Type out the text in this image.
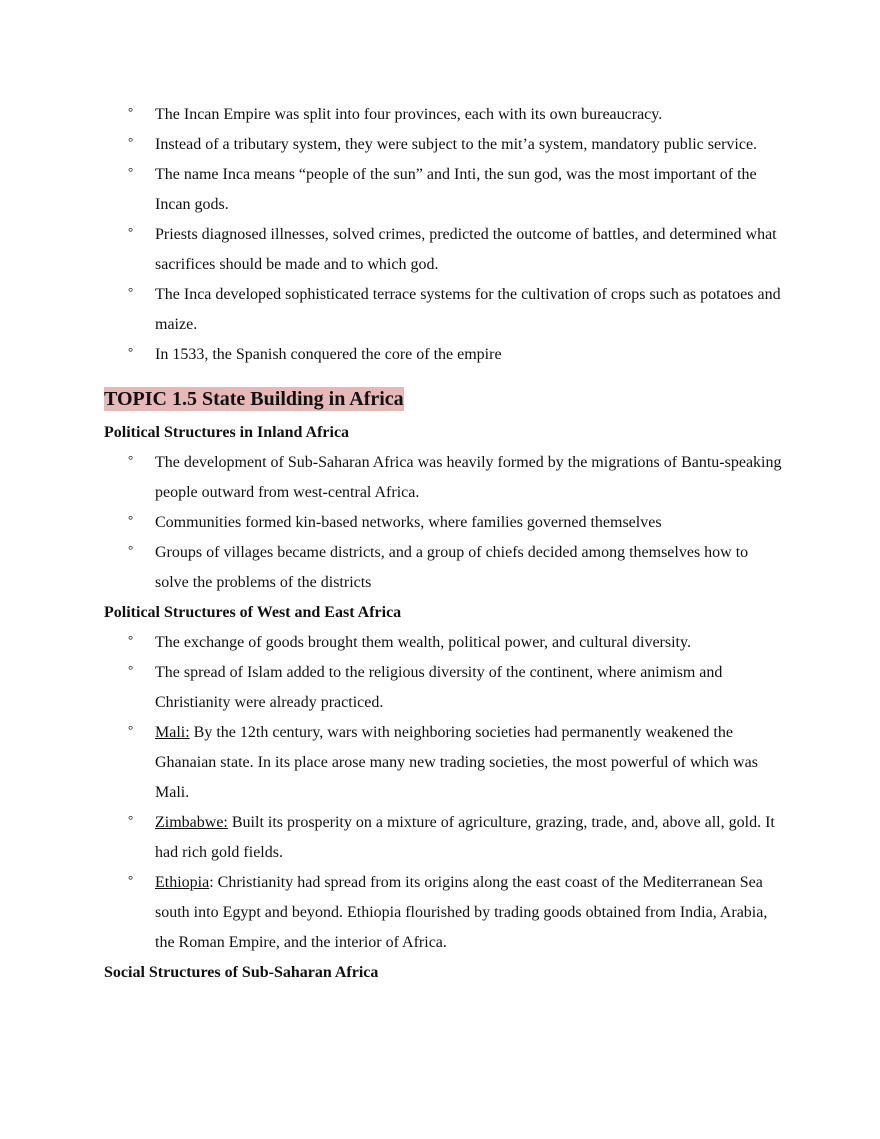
° The Incan Empire was split into four provinces, each with its own bureaucracy.
° Instead of a tributary system, they were subject to the mit’a system, mandatory public service.
° The name Inca means “people of the sun” and Inti, the sun god, was the most important of the Incan gods.
° Priests diagnosed illnesses, solved crimes, predicted the outcome of battles, and determined what sacrifices should be made and to which god.
° The Inca developed sophisticated terrace systems for the cultivation of crops such as potatoes and maize.
° In 1533, the Spanish conquered the core of the empire
TOPIC 1.5 State Building in Africa
Political Structures in Inland Africa
° The development of Sub-Saharan Africa was heavily formed by the migrations of Bantu-speaking people outward from west-central Africa.
° Communities formed kin-based networks, where families governed themselves
° Groups of villages became districts, and a group of chiefs decided among themselves how to solve the problems of the districts
Political Structures of West and East Africa
° The exchange of goods brought them wealth, political power, and cultural diversity.
° The spread of Islam added to the religious diversity of the continent, where animism and Christianity were already practiced.
° Mali: By the 12th century, wars with neighboring societies had permanently weakened the Ghanaian state. In its place arose many new trading societies, the most powerful of which was Mali.
° Zimbabwe: Built its prosperity on a mixture of agriculture, grazing, trade, and, above all, gold. It had rich gold fields.
° Ethiopia: Christianity had spread from its origins along the east coast of the Mediterranean Sea south into Egypt and beyond. Ethiopia flourished by trading goods obtained from India, Arabia, the Roman Empire, and the interior of Africa.
Social Structures of Sub-Saharan Africa
